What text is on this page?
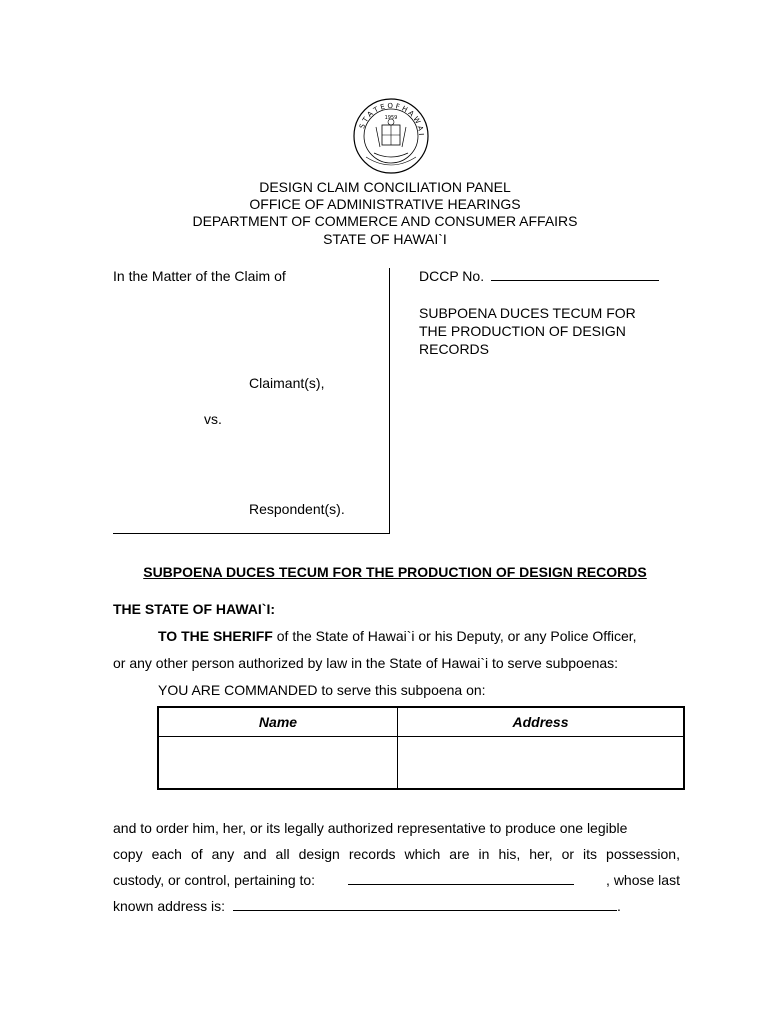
S T A T E O F H A W A I
1959
DESIGN CLAIM CONCILIATION PANEL
OFFICE OF ADMINISTRATIVE HEARINGS
DEPARTMENT OF COMMERCE AND CONSUMER AFFAIRS
STATE OF HAWAI`I
In the Matter of the Claim of
Claimant(s),
vs.
Respondent(s).
DCCP No.
SUBPOENA DUCES TECUM FOR
THE PRODUCTION OF DESIGN
RECORDS
SUBPOENA DUCES TECUM FOR THE PRODUCTION OF DESIGN RECORDS
THE STATE OF HAWAI`I:
TO THE SHERIFF of the State of Hawai`i or his Deputy, or any Police Officer,
or any other person authorized by law in the State of Hawai`i to serve subpoenas:
YOU ARE COMMANDED to serve this subpoena on:
Name	Address

and to order him, her, or its legally authorized representative to produce one legible
copy each of any and all design records which are in his, her, or its possession,
custody, or control, pertaining to:	, whose last
known address is:	.
